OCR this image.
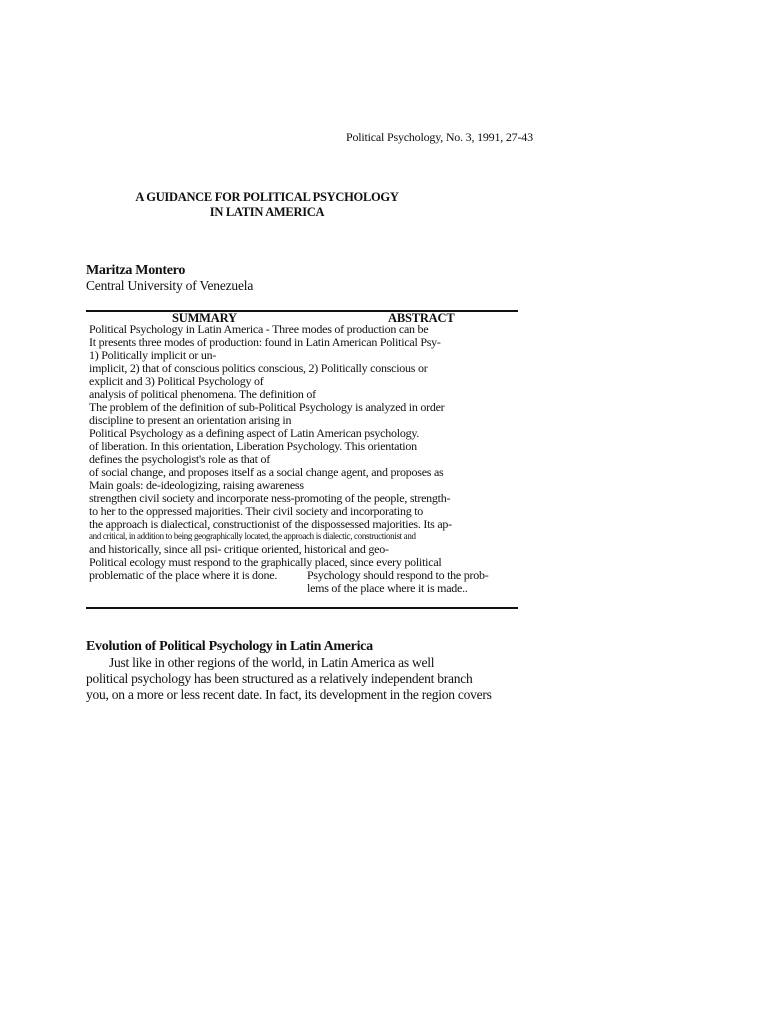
Political Psychology, No. 3, 1991, 27-43
A GUIDANCE FOR POLITICAL PSYCHOLOGY
IN LATIN AMERICA
Maritza Montero
Central University of Venezuela
SUMMARY	ABSTRACT
Political Psychology in Latin America - Three modes of production can be
It presents three modes of production: found in Latin American Political Psy-
1) Politically implicit or un-
implicit, 2) that of conscious politics conscious, 2) Politically conscious or
explicit and 3) Political Psychology of
analysis of political phenomena. The definition of
The problem of the definition of sub-Political Psychology is analyzed in order
discipline to present an orientation arising in
Political Psychology as a defining aspect of Latin American psychology.
of liberation. In this orientation, Liberation Psychology. This orientation
defines the psychologist's role as that of
of social change, and proposes itself as a social change agent, and proposes as
Main goals: de-ideologizing, raising awareness
strengthen civil society and incorporate ness-promoting of the people, strength-
to her to the oppressed majorities. Their civil society and incorporating to
the approach is dialectical, constructionist of the dispossessed majorities. Its ap-
and critical, in addition to being geographically located, the approach is dialectic, constructionist and
and historically, since all psi- critique oriented, historical and geo-
Political ecology must respond to the graphically placed, since every political
problematic of the place where it is done. Psychology should respond to the prob-
lems of the place where it is made..
Evolution of Political Psychology in Latin America
Just like in other regions of the world, in Latin America as well
political psychology has been structured as a relatively independent branch
you, on a more or less recent date. In fact, its development in the region covers
